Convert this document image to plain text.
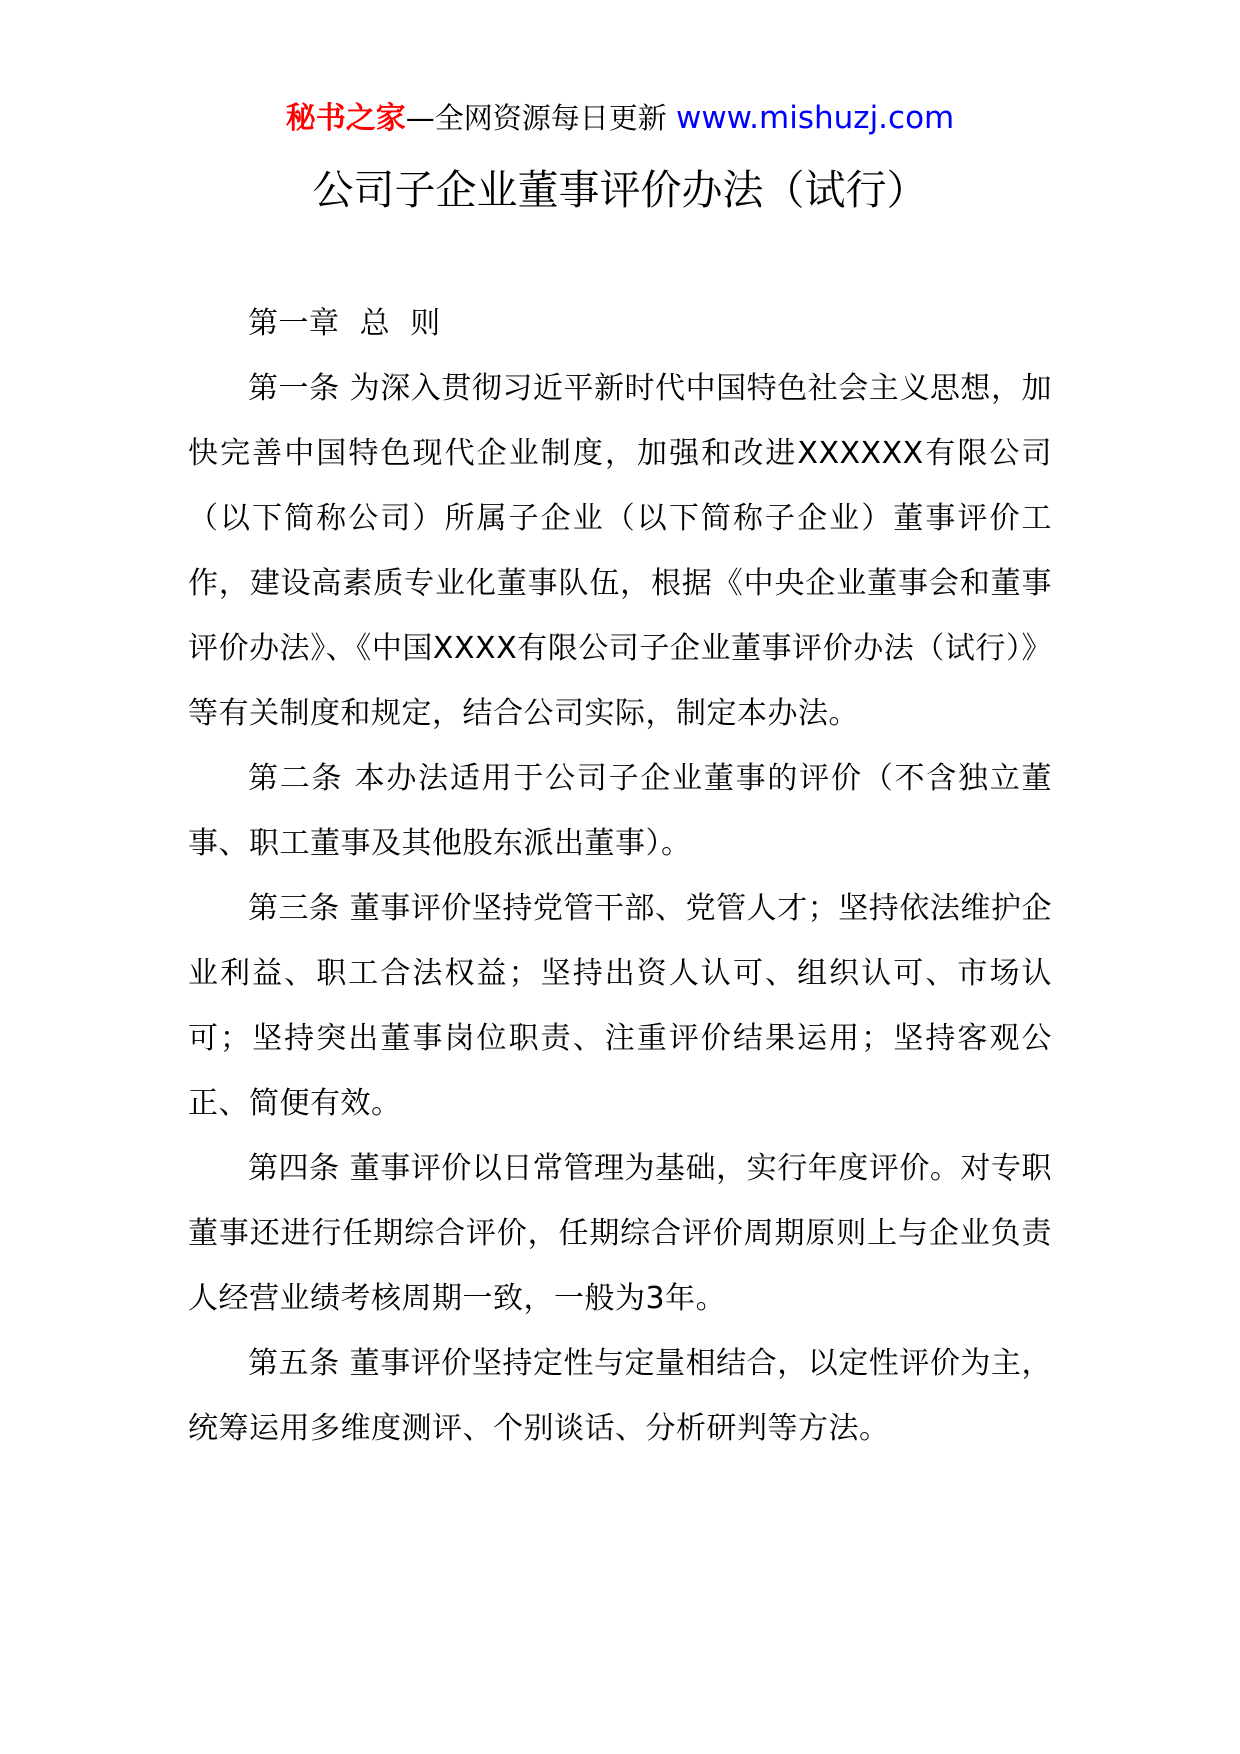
秘书之家—全网资源每日更新 www.mishuzj.com
公司子企业董事评价办法（试行）

第一章  总  则

第一条 为深入贯彻习近平新时代中国特色社会主义思想，加快完善中国特色现代企业制度，加强和改进XXXXXX有限公司（以下简称公司）所属子企业（以下简称子企业）董事评价工作，建设高素质专业化董事队伍，根据《中央企业董事会和董事评价办法》、《中国XXXX有限公司子企业董事评价办法（试行）》等有关制度和规定，结合公司实际，制定本办法。

第二条 本办法适用于公司子企业董事的评价（不含独立董事、职工董事及其他股东派出董事）。

第三条 董事评价坚持党管干部、党管人才；坚持依法维护企业利益、职工合法权益；坚持出资人认可、组织认可、市场认可；坚持突出董事岗位职责、注重评价结果运用；坚持客观公正、简便有效。

第四条 董事评价以日常管理为基础，实行年度评价。对专职董事还进行任期综合评价，任期综合评价周期原则上与企业负责人经营业绩考核周期一致，一般为3年。

第五条 董事评价坚持定性与定量相结合，以定性评价为主，统筹运用多维度测评、个别谈话、分析研判等方法。
